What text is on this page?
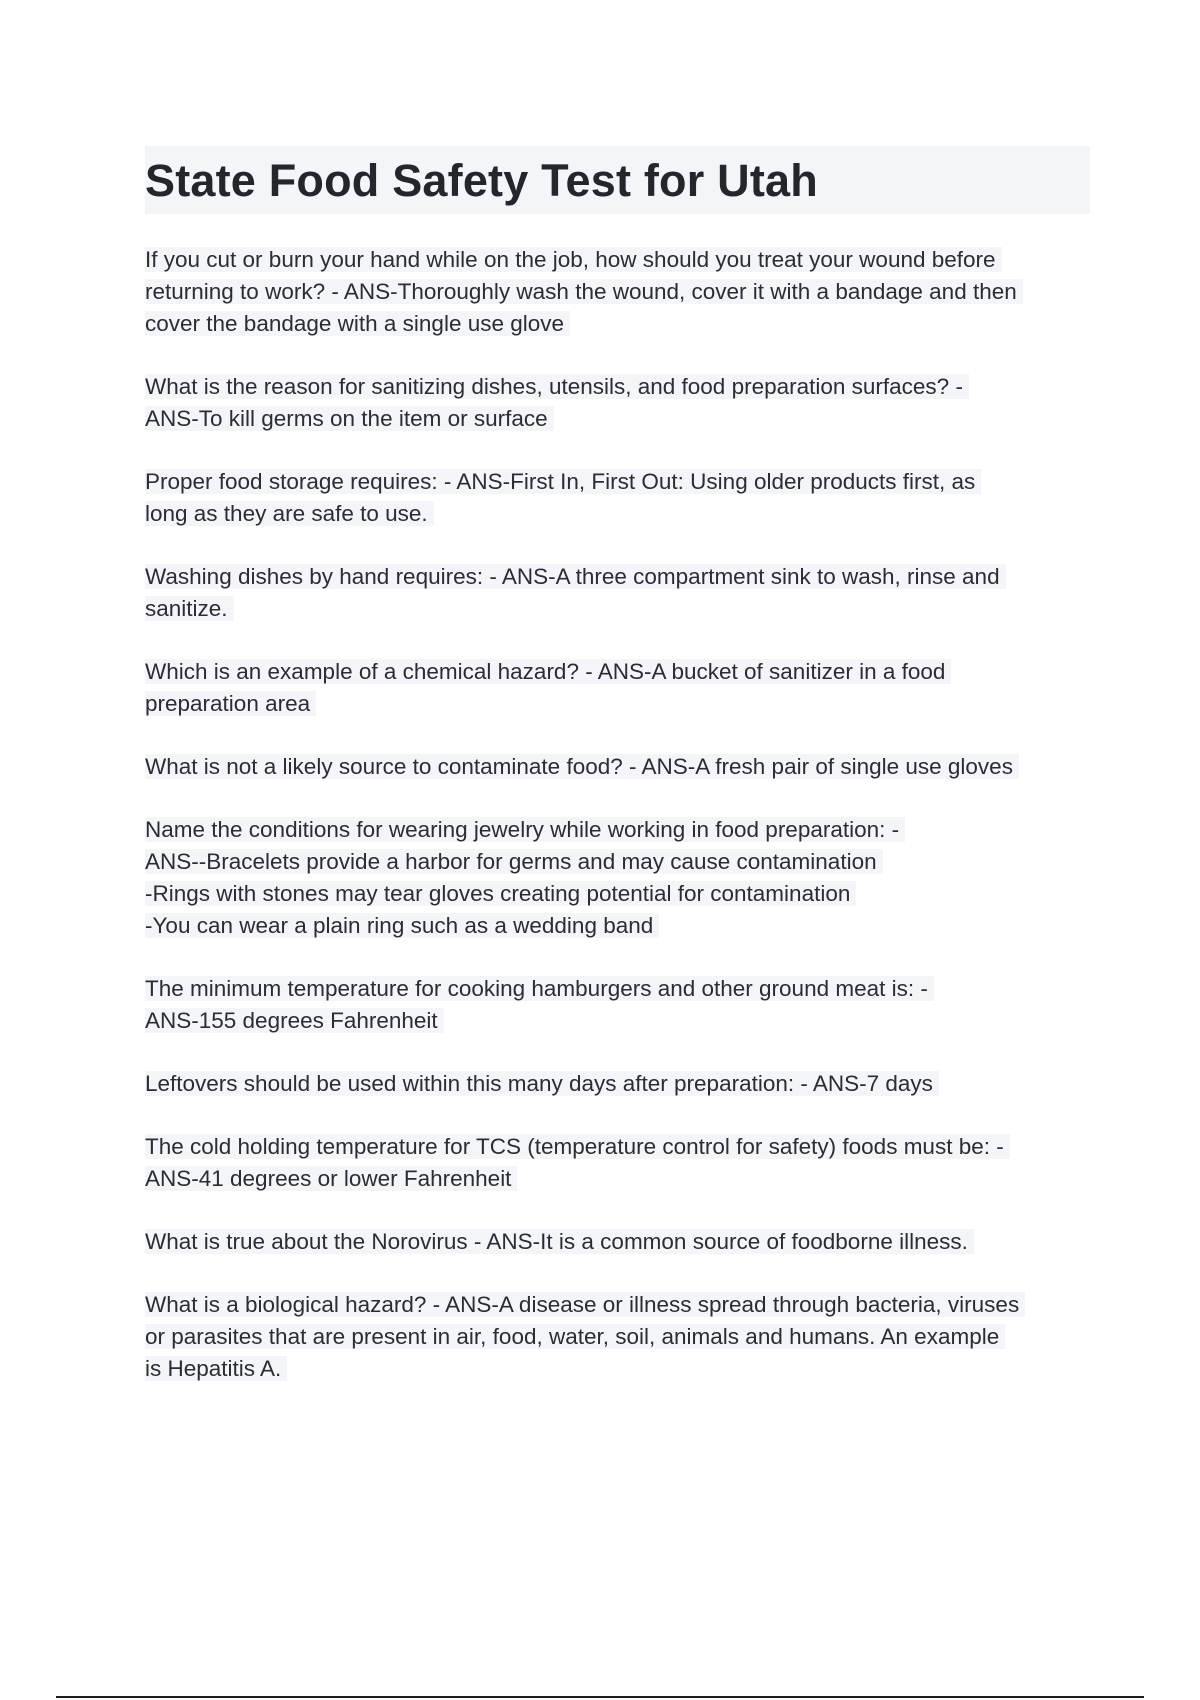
State Food Safety Test for Utah
If you cut or burn your hand while on the job, how should you treat your wound before
returning to work? - ANS-Thoroughly wash the wound, cover it with a bandage and then
cover the bandage with a single use glove
What is the reason for sanitizing dishes, utensils, and food preparation surfaces? -
ANS-To kill germs on the item or surface
Proper food storage requires: - ANS-First In, First Out: Using older products first, as
long as they are safe to use.
Washing dishes by hand requires: - ANS-A three compartment sink to wash, rinse and
sanitize.
Which is an example of a chemical hazard? - ANS-A bucket of sanitizer in a food
preparation area
What is not a likely source to contaminate food? - ANS-A fresh pair of single use gloves
Name the conditions for wearing jewelry while working in food preparation: -
ANS--Bracelets provide a harbor for germs and may cause contamination
-Rings with stones may tear gloves creating potential for contamination
-You can wear a plain ring such as a wedding band
The minimum temperature for cooking hamburgers and other ground meat is: -
ANS-155 degrees Fahrenheit
Leftovers should be used within this many days after preparation: - ANS-7 days
The cold holding temperature for TCS (temperature control for safety) foods must be: -
ANS-41 degrees or lower Fahrenheit
What is true about the Norovirus - ANS-It is a common source of foodborne illness.
What is a biological hazard? - ANS-A disease or illness spread through bacteria, viruses
or parasites that are present in air, food, water, soil, animals and humans. An example
is Hepatitis A.
